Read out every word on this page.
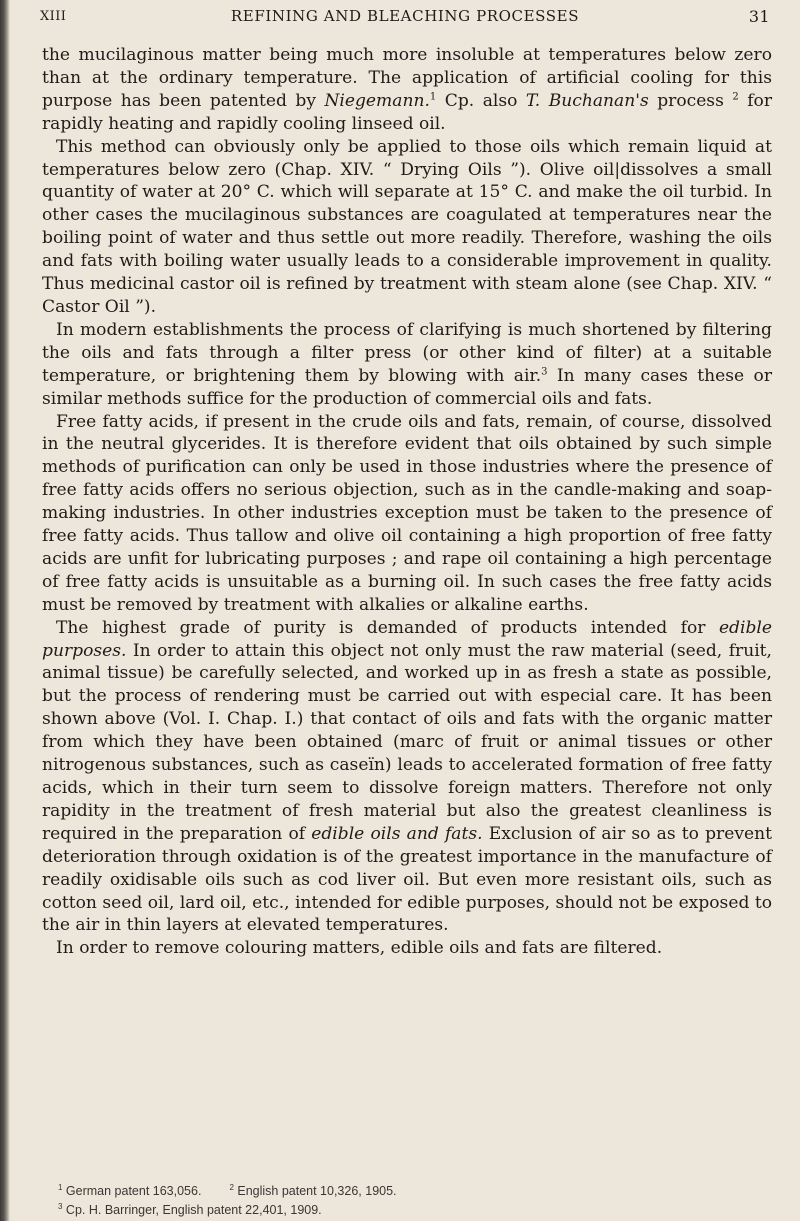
XIII	REFINING AND BLEACHING PROCESSES	31

the mucilaginous matter being much more insoluble at temperatures below zero than at the ordinary temperature. The application of artificial cooling for this purpose has been patented by Niegemann.$^1$ Cp. also T. Buchanan's process $^2$ for rapidly heating and rapidly cooling linseed oil.

This method can obviously only be applied to those oils which remain liquid at temperatures below zero (Chap. XIV. “ Drying Oils ”). Olive oil|dissolves a small quantity of water at 20° C. which will separate at 15° C. and make the oil turbid. In other cases the mucilaginous substances are coagulated at temperatures near the boiling point of water and thus settle out more readily. Therefore, washing the oils and fats with boiling water usually leads to a considerable improvement in quality. Thus medicinal castor oil is refined by treatment with steam alone (see Chap. XIV. “ Castor Oil ”).

In modern establishments the process of clarifying is much shortened by filtering the oils and fats through a filter press (or other kind of filter) at a suitable temperature, or brightening them by blowing with air.$^3$ In many cases these or similar methods suffice for the production of commercial oils and fats.

Free fatty acids, if present in the crude oils and fats, remain, of course, dissolved in the neutral glycerides. It is therefore evident that oils obtained by such simple methods of purification can only be used in those industries where the presence of free fatty acids offers no serious objection, such as in the candle-making and soap-making industries. In other industries exception must be taken to the presence of free fatty acids. Thus tallow and olive oil containing a high proportion of free fatty acids are unfit for lubricating purposes ; and rape oil containing a high percentage of free fatty acids is unsuitable as a burning oil. In such cases the free fatty acids must be removed by treatment with alkalies or alkaline earths.

The highest grade of purity is demanded of products intended for edible purposes. In order to attain this object not only must the raw material (seed, fruit, animal tissue) be carefully selected, and worked up in as fresh a state as possible, but the process of rendering must be carried out with especial care. It has been shown above (Vol. I. Chap. I.) that contact of oils and fats with the organic matter from which they have been obtained (marc of fruit or animal tissues or other nitrogenous substances, such as caseïn) leads to accelerated formation of free fatty acids, which in their turn seem to dissolve foreign matters. Therefore not only rapidity in the treatment of fresh material but also the greatest cleanliness is required in the preparation of edible oils and fats. Exclusion of air so as to prevent deterioration through oxidation is of the greatest importance in the manufacture of readily oxidisable oils such as cod liver oil. But even more resistant oils, such as cotton seed oil, lard oil, etc., intended for edible purposes, should not be exposed to the air in thin layers at elevated temperatures.

In order to remove colouring matters, edible oils and fats are filtered.

$^1$ German patent 163,056.	$^2$ English patent 10,326, 1905.
$^3$ Cp. H. Barringer, English patent 22,401, 1909.
